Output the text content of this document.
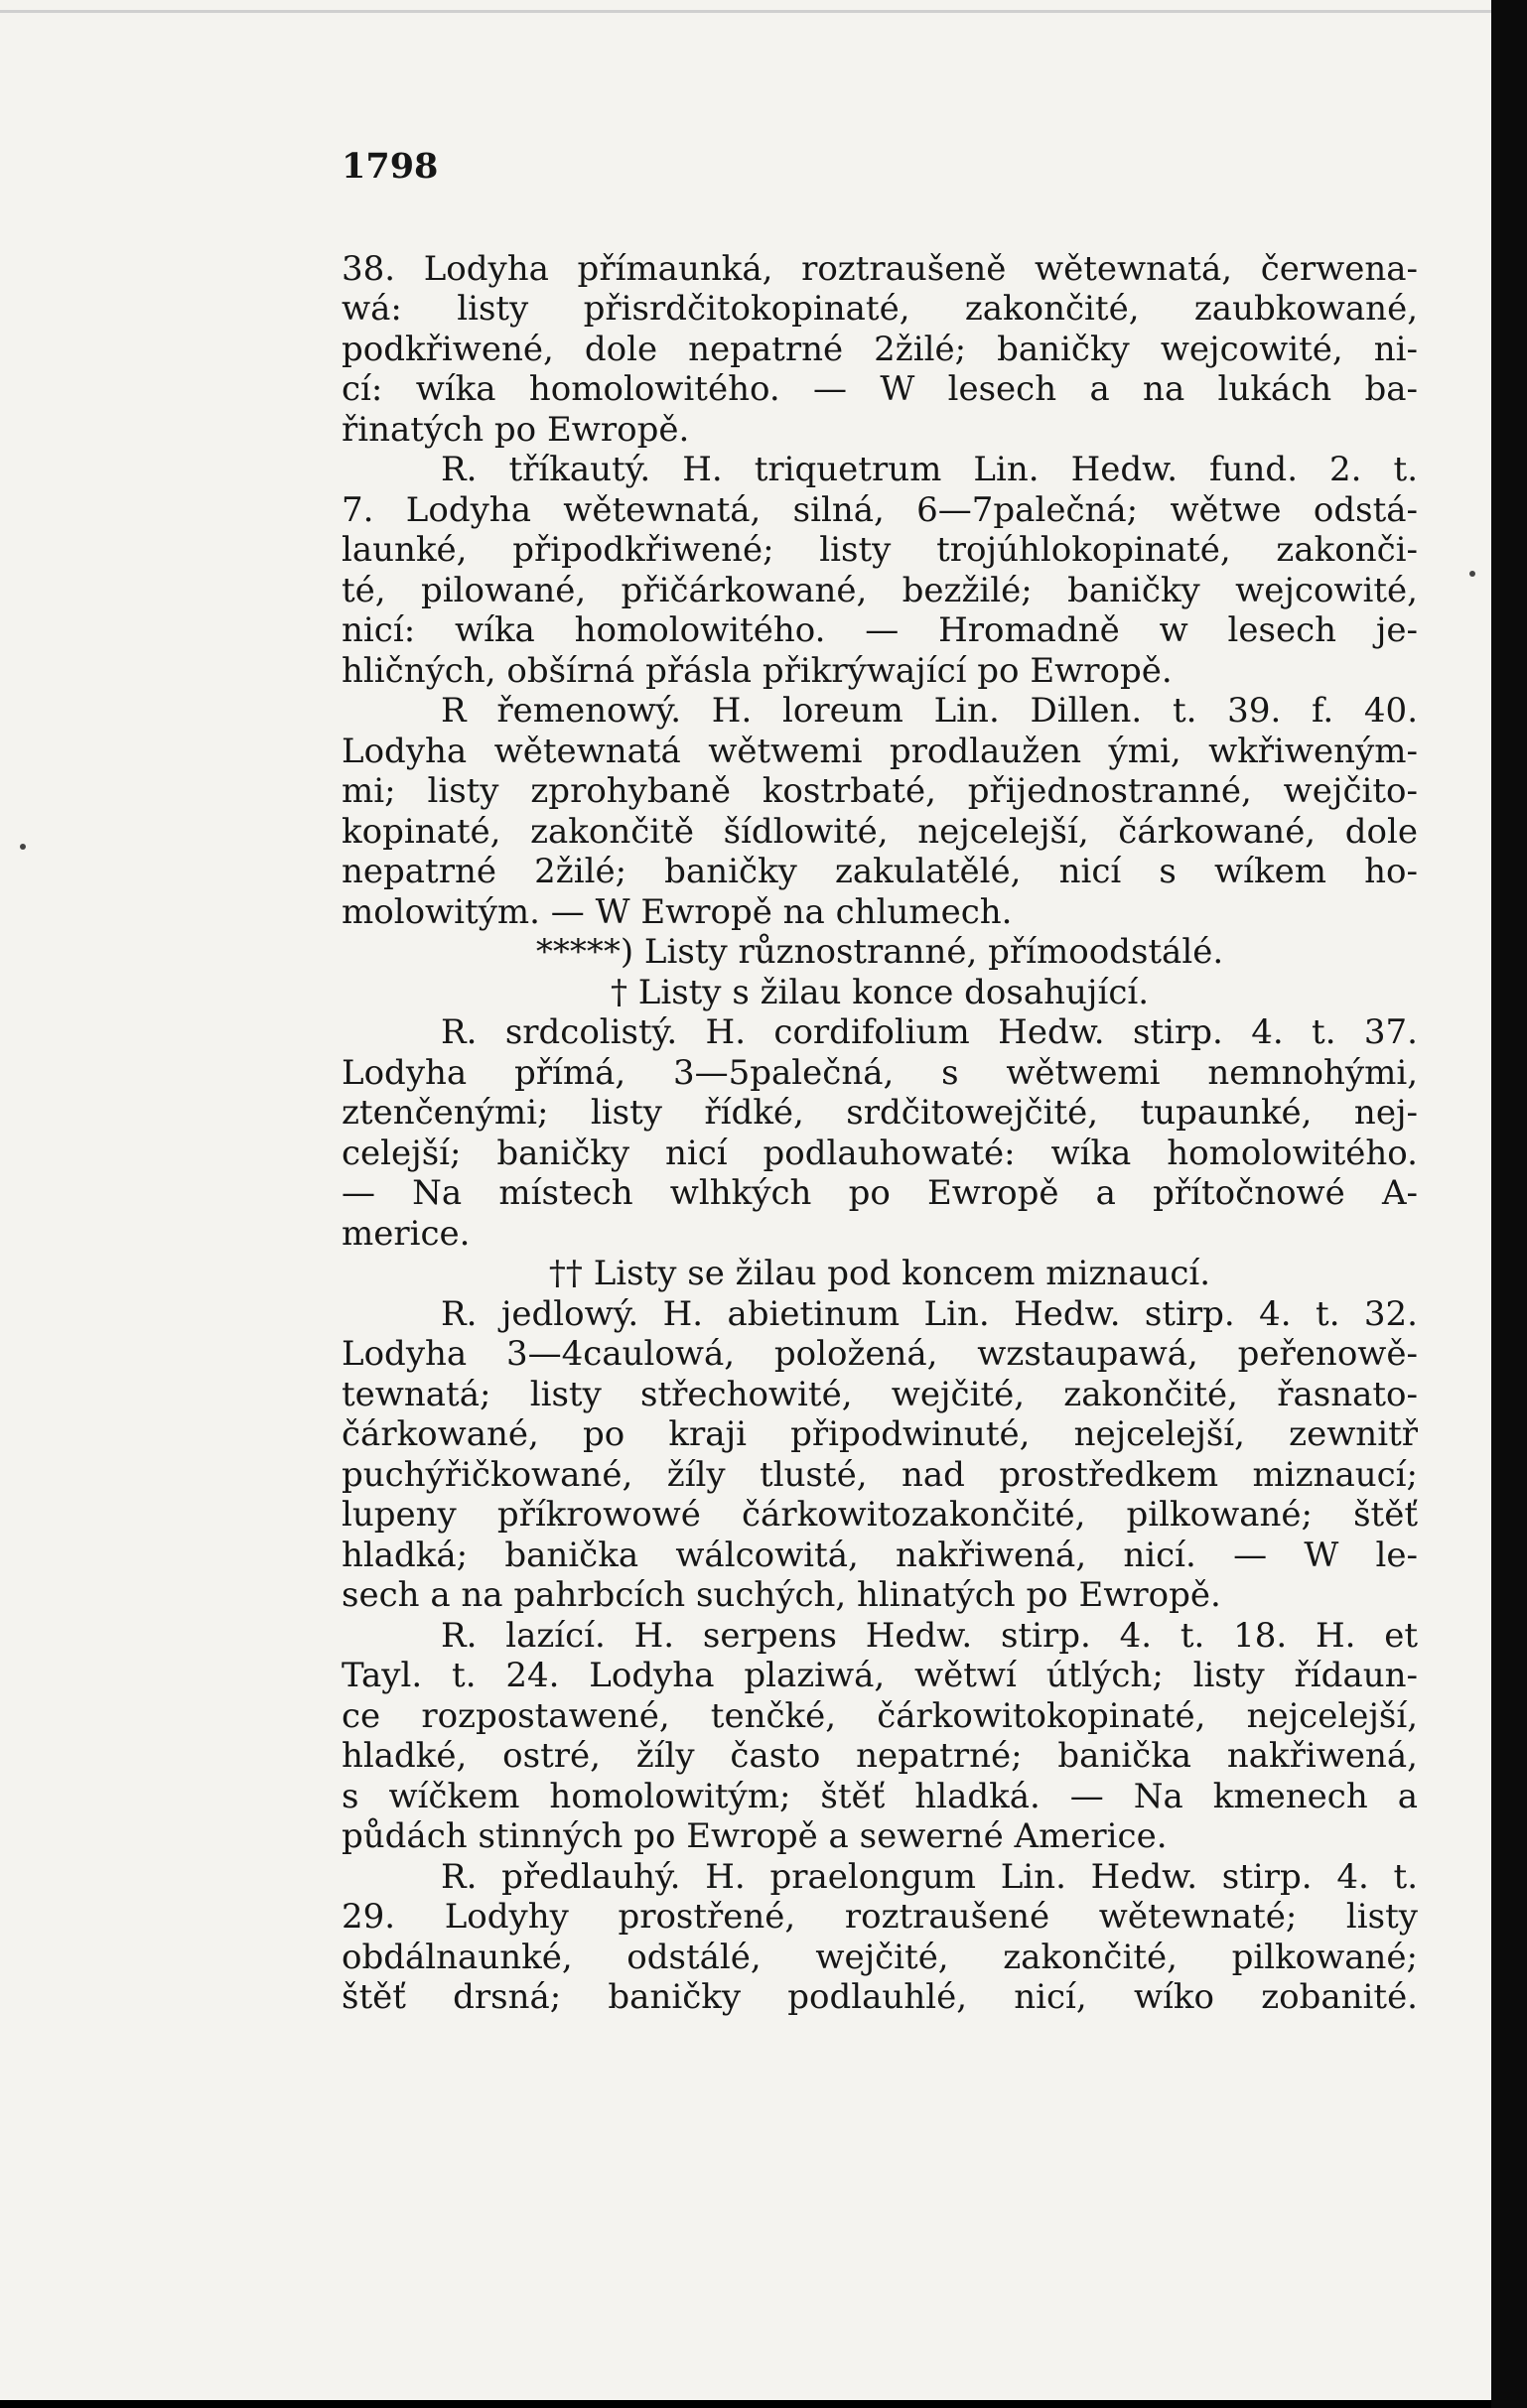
1798
38. Lodyha přímaunká, roztraušeně wětewnatá, čerwena-
wá: listy přisrdčitokopinaté, zakončité, zaubkowané,
podkřiwené, dole nepatrné 2žilé; baničky wejcowité, ni-
cí: wíka homolowitého. — W lesech a na lukách ba-
řinatých po Ewropě.
R. tříkautý. H. triquetrum Lin. Hedw. fund. 2. t.
7. Lodyha wětewnatá, silná, 6—7palečná; wětwe odstá-
launké, připodkřiwené; listy trojúhlokopinaté, zakonči-
té, pilowané, přičárkowané, bezžilé; baničky wejcowité,
nicí: wíka homolowitého. — Hromadně w lesech je-
hličných, obšírná přásla přikrýwající po Ewropě.
R řemenowý. H. loreum Lin. Dillen. t. 39. f. 40.
Lodyha wětewnatá wětwemi prodlaužen ými, wkřiweným-
mi; listy zprohybaně kostrbaté, přijednostranné, wejčito-
kopinaté, zakončitě šídlowité, nejcelejší, čárkowané, dole
nepatrné 2žilé; baničky zakulatělé, nicí s wíkem ho-
molowitým. — W Ewropě na chlumech.
*****) Listy různostranné, přímoodstálé.
† Listy s žilau konce dosahující.
R. srdcolistý. H. cordifolium Hedw. stirp. 4. t. 37.
Lodyha přímá, 3—5palečná, s wětwemi nemnohými,
ztenčenými; listy řídké, srdčitowejčité, tupaunké, nej-
celejší; baničky nicí podlauhowaté: wíka homolowitého.
— Na místech wlhkých po Ewropě a přítočnowé A-
merice.
†† Listy se žilau pod koncem miznaucí.
R. jedlowý. H. abietinum Lin. Hedw. stirp. 4. t. 32.
Lodyha 3—4caulowá, položená, wzstaupawá, peřenowě-
tewnatá; listy střechowité, wejčité, zakončité, řasnato-
čárkowané, po kraji připodwinuté, nejcelejší, zewnitř
puchýřičkowané, žíly tlusté, nad prostředkem miznaucí;
lupeny příkrowowé čárkowitozakončité, pilkowané; štěť
hladká; banička wálcowitá, nakřiwená, nicí. — W le-
sech a na pahrbcích suchých, hlinatých po Ewropě.
R. lazící. H. serpens Hedw. stirp. 4. t. 18. H. et
Tayl. t. 24. Lodyha plaziwá, wětwí útlých; listy řídaun-
ce rozpostawené, tenčké, čárkowitokopinaté, nejcelejší,
hladké, ostré, žíly často nepatrné; banička nakřiwená,
s wíčkem homolowitým; štěť hladká. — Na kmenech a
půdách stinných po Ewropě a sewerné Americe.
R. předlauhý. H. praelongum Lin. Hedw. stirp. 4. t.
29. Lodyhy prostřené, roztraušené wětewnaté; listy
obdálnaunké, odstálé, wejčité, zakončité, pilkowané;
štěť drsná; baničky podlauhlé, nicí, wíko zobanité.
